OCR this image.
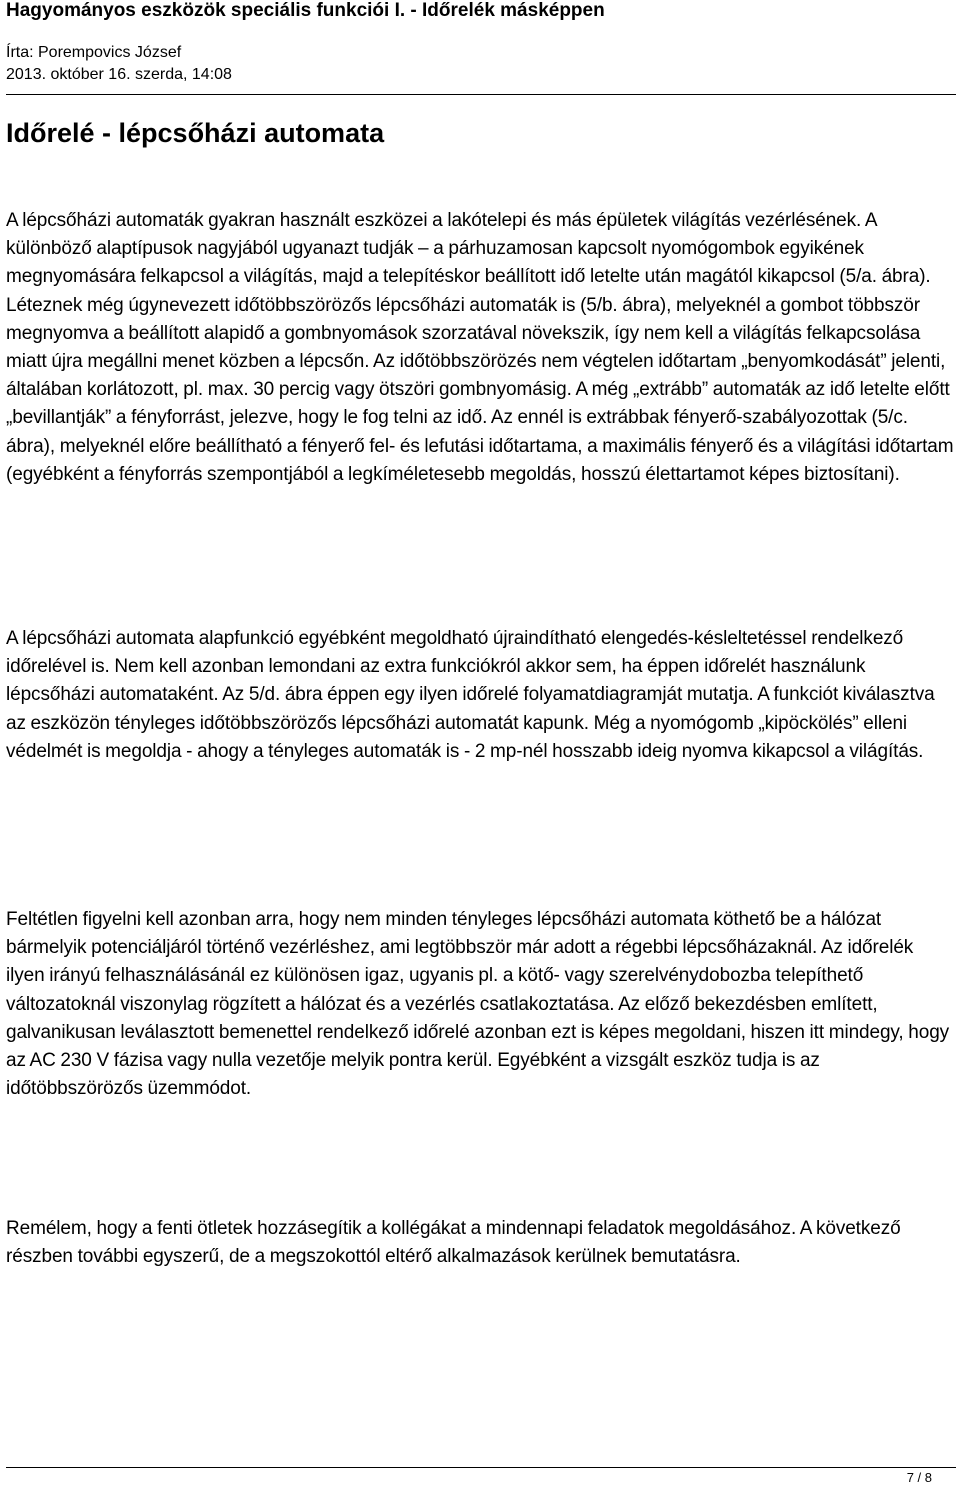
Hagyományos eszközök speciális funkciói I. - Időrelék másképpen
Írta: Porempovics József
2013. október 16. szerda, 14:08
Időrelé - lépcsőházi automata

A lépcsőházi automaták gyakran használt eszközei a lakótelepi és más épületek világítás vezérlésének. A különböző alaptípusok nagyjából ugyanazt tudják – a párhuzamosan kapcsolt nyomógombok egyikének megnyomására felkapcsol a világítás, majd a telepítéskor beállított idő letelte után magától kikapcsol (5/a. ábra). Léteznek még úgynevezett időtöbbszörözős lépcsőházi automaták is (5/b. ábra), melyeknél a gombot többször megnyomva a beállított alapidő a gombnyomások szorzatával növekszik, így nem kell a világítás felkapcsolása miatt újra megállni menet közben a lépcsőn. Az időtöbbszörözés nem végtelen időtartam „benyomkodását” jelenti, általában korlátozott, pl. max. 30 percig vagy ötszöri gombnyomásig. A még „extrább” automaták az idő letelte előtt „bevillantják” a fényforrást, jelezve, hogy le fog telni az idő. Az ennél is extrábbak fényerő-szabályozottak (5/c. ábra), melyeknél előre beállítható a fényerő fel- és lefutási időtartama, a maximális fényerő és a világítási időtartam (egyébként a fényforrás szempontjából a legkíméletesebb megoldás, hosszú élettartamot képes biztosítani).

A lépcsőházi automata alapfunkció egyébként megoldható újraindítható elengedés-késleltetéssel rendelkező időrelével is. Nem kell azonban lemondani az extra funkciókról akkor sem, ha éppen időrelét használunk lépcsőházi automataként. Az 5/d. ábra éppen egy ilyen időrelé folyamatdiagramját mutatja. A funkciót kiválasztva az eszközön tényleges időtöbbszörözős lépcsőházi automatát kapunk. Még a nyomógomb „kipöckölés” elleni védelmét is megoldja - ahogy a tényleges automaták is - 2 mp-nél hosszabb ideig nyomva kikapcsol a világítás.

Feltétlen figyelni kell azonban arra, hogy nem minden tényleges lépcsőházi automata köthető be a hálózat bármelyik potenciáljáról történő vezérléshez, ami legtöbbször már adott a régebbi lépcsőházaknál. Az időrelék ilyen irányú felhasználásánál ez különösen igaz, ugyanis pl. a kötő- vagy szerelvénydobozba telepíthető változatoknál viszonylag rögzített a hálózat és a vezérlés csatlakoztatása. Az előző bekezdésben említett, galvanikusan leválasztott bemenettel rendelkező időrelé azonban ezt is képes megoldani, hiszen itt mindegy, hogy az AC 230 V fázisa vagy nulla vezetője melyik pontra kerül. Egyébként a vizsgált eszköz tudja is az időtöbbszörözős üzemmódot.

Remélem, hogy a fenti ötletek hozzásegítik a kollégákat a mindennapi feladatok megoldásához. A következő részben további egyszerű, de a megszokottól eltérő alkalmazások kerülnek bemutatásra.

7 / 8
